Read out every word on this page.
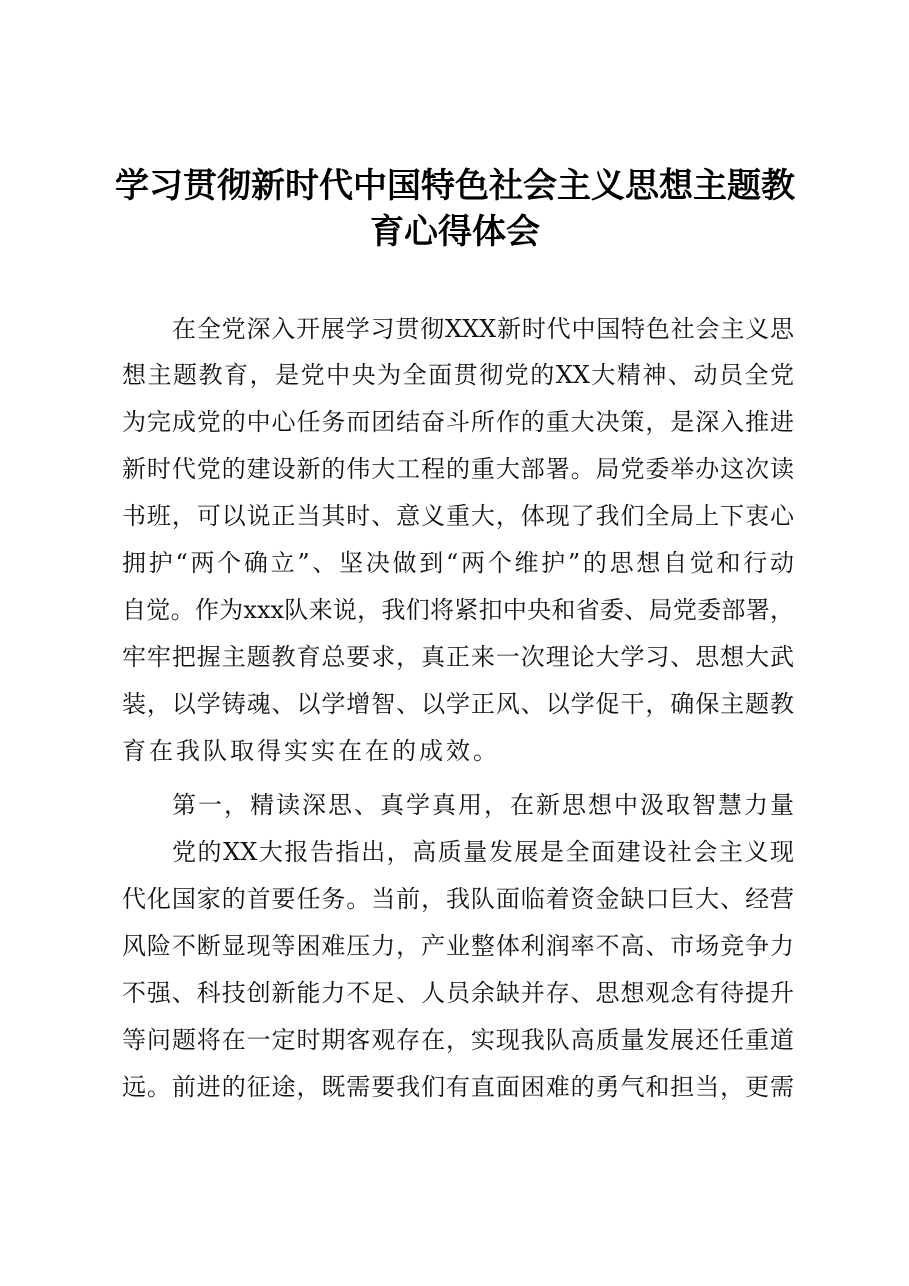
学习贯彻新时代中国特色社会主义思想主题教
育心得体会
在全党深入开展学习贯彻XXX新时代中国特色社会主义思
想主题教育，是党中央为全面贯彻党的XX大精神、动员全党
为完成党的中心任务而团结奋斗所作的重大决策，是深入推进
新时代党的建设新的伟大工程的重大部署。局党委举办这次读
书班，可以说正当其时、意义重大，体现了我们全局上下衷心
拥护“两个确立”、坚决做到“两个维护”的思想自觉和行动
自觉。作为xxx队来说，我们将紧扣中央和省委、局党委部署，
牢牢把握主题教育总要求，真正来一次理论大学习、思想大武
装，以学铸魂、以学增智、以学正风、以学促干，确保主题教
育在我队取得实实在在的成效。
第一，精读深思、真学真用，在新思想中汲取智慧力量
党的XX大报告指出，高质量发展是全面建设社会主义现
代化国家的首要任务。当前，我队面临着资金缺口巨大、经营
风险不断显现等困难压力，产业整体利润率不高、市场竞争力
不强、科技创新能力不足、人员余缺并存、思想观念有待提升
等问题将在一定时期客观存在，实现我队高质量发展还任重道
远。前进的征途，既需要我们有直面困难的勇气和担当，更需
